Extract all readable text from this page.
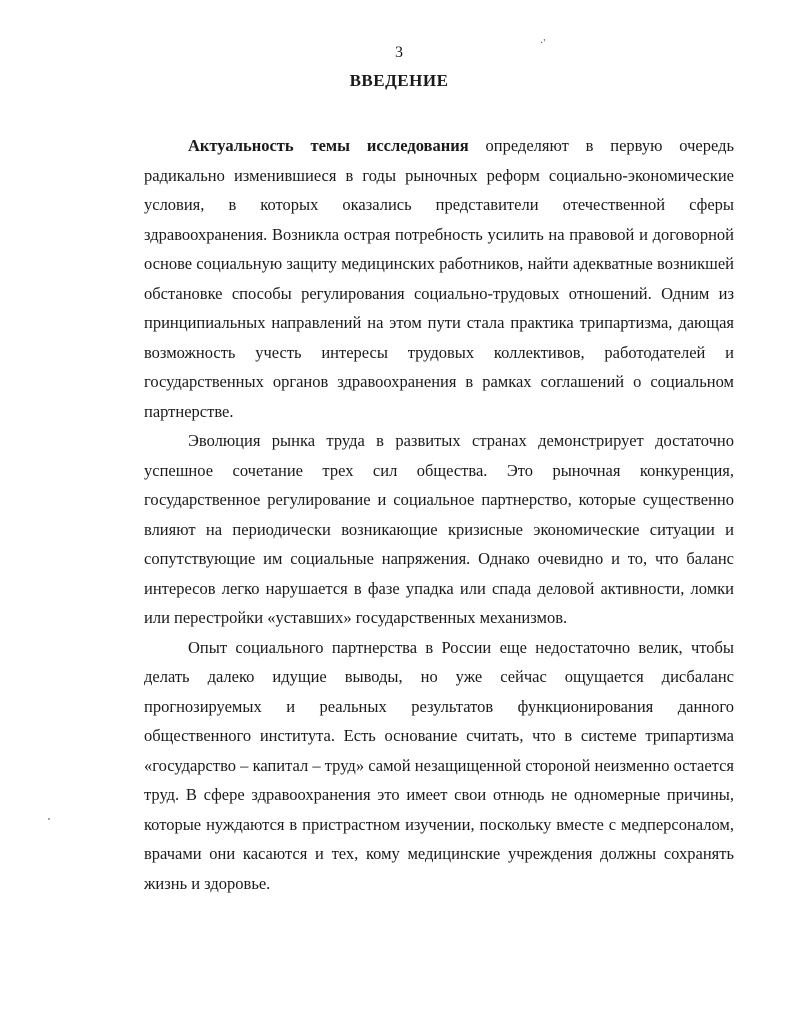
·'
3
ВВЕДЕНИЕ

Актуальность темы исследования определяют в первую очередь радикально изменившиеся в годы рыночных реформ социально-экономические условия, в которых оказались представители отечественной сферы здравоохранения. Возникла острая потребность усилить на правовой и договорной основе социальную защиту медицинских работников, найти адекватные возникшей обстановке способы регулирования социально-трудовых отношений. Одним из принципиальных направлений на этом пути стала практика трипартизма, дающая возможность учесть интересы трудовых коллективов, работодателей и государственных органов здравоохранения в рамках соглашений о социальном партнерстве.

Эволюция рынка труда в развитых странах демонстрирует достаточно успешное сочетание трех сил общества. Это рыночная конкуренция, государственное регулирование и социальное партнерство, которые существенно влияют на периодически возникающие кризисные экономические ситуации и сопутствующие им социальные напряжения. Однако очевидно и то, что баланс интересов легко нарушается в фазе упадка или спада деловой активности, ломки или перестройки «уставших» государственных механизмов.

Опыт социального партнерства в России еще недостаточно велик, чтобы делать далеко идущие выводы, но уже сейчас ощущается дисбаланс прогнозируемых и реальных результатов функционирования данного общественного института. Есть основание считать, что в системе трипартизма «государство – капитал – труд» самой незащищенной стороной неизменно остается труд. В сфере здравоохранения это имеет свои отнюдь не одномерные причины, которые нуждаются в пристрастном изучении, поскольку вместе с медперсоналом, врачами они касаются и тех, кому медицинские учреждения должны сохранять жизнь и здоровье.
